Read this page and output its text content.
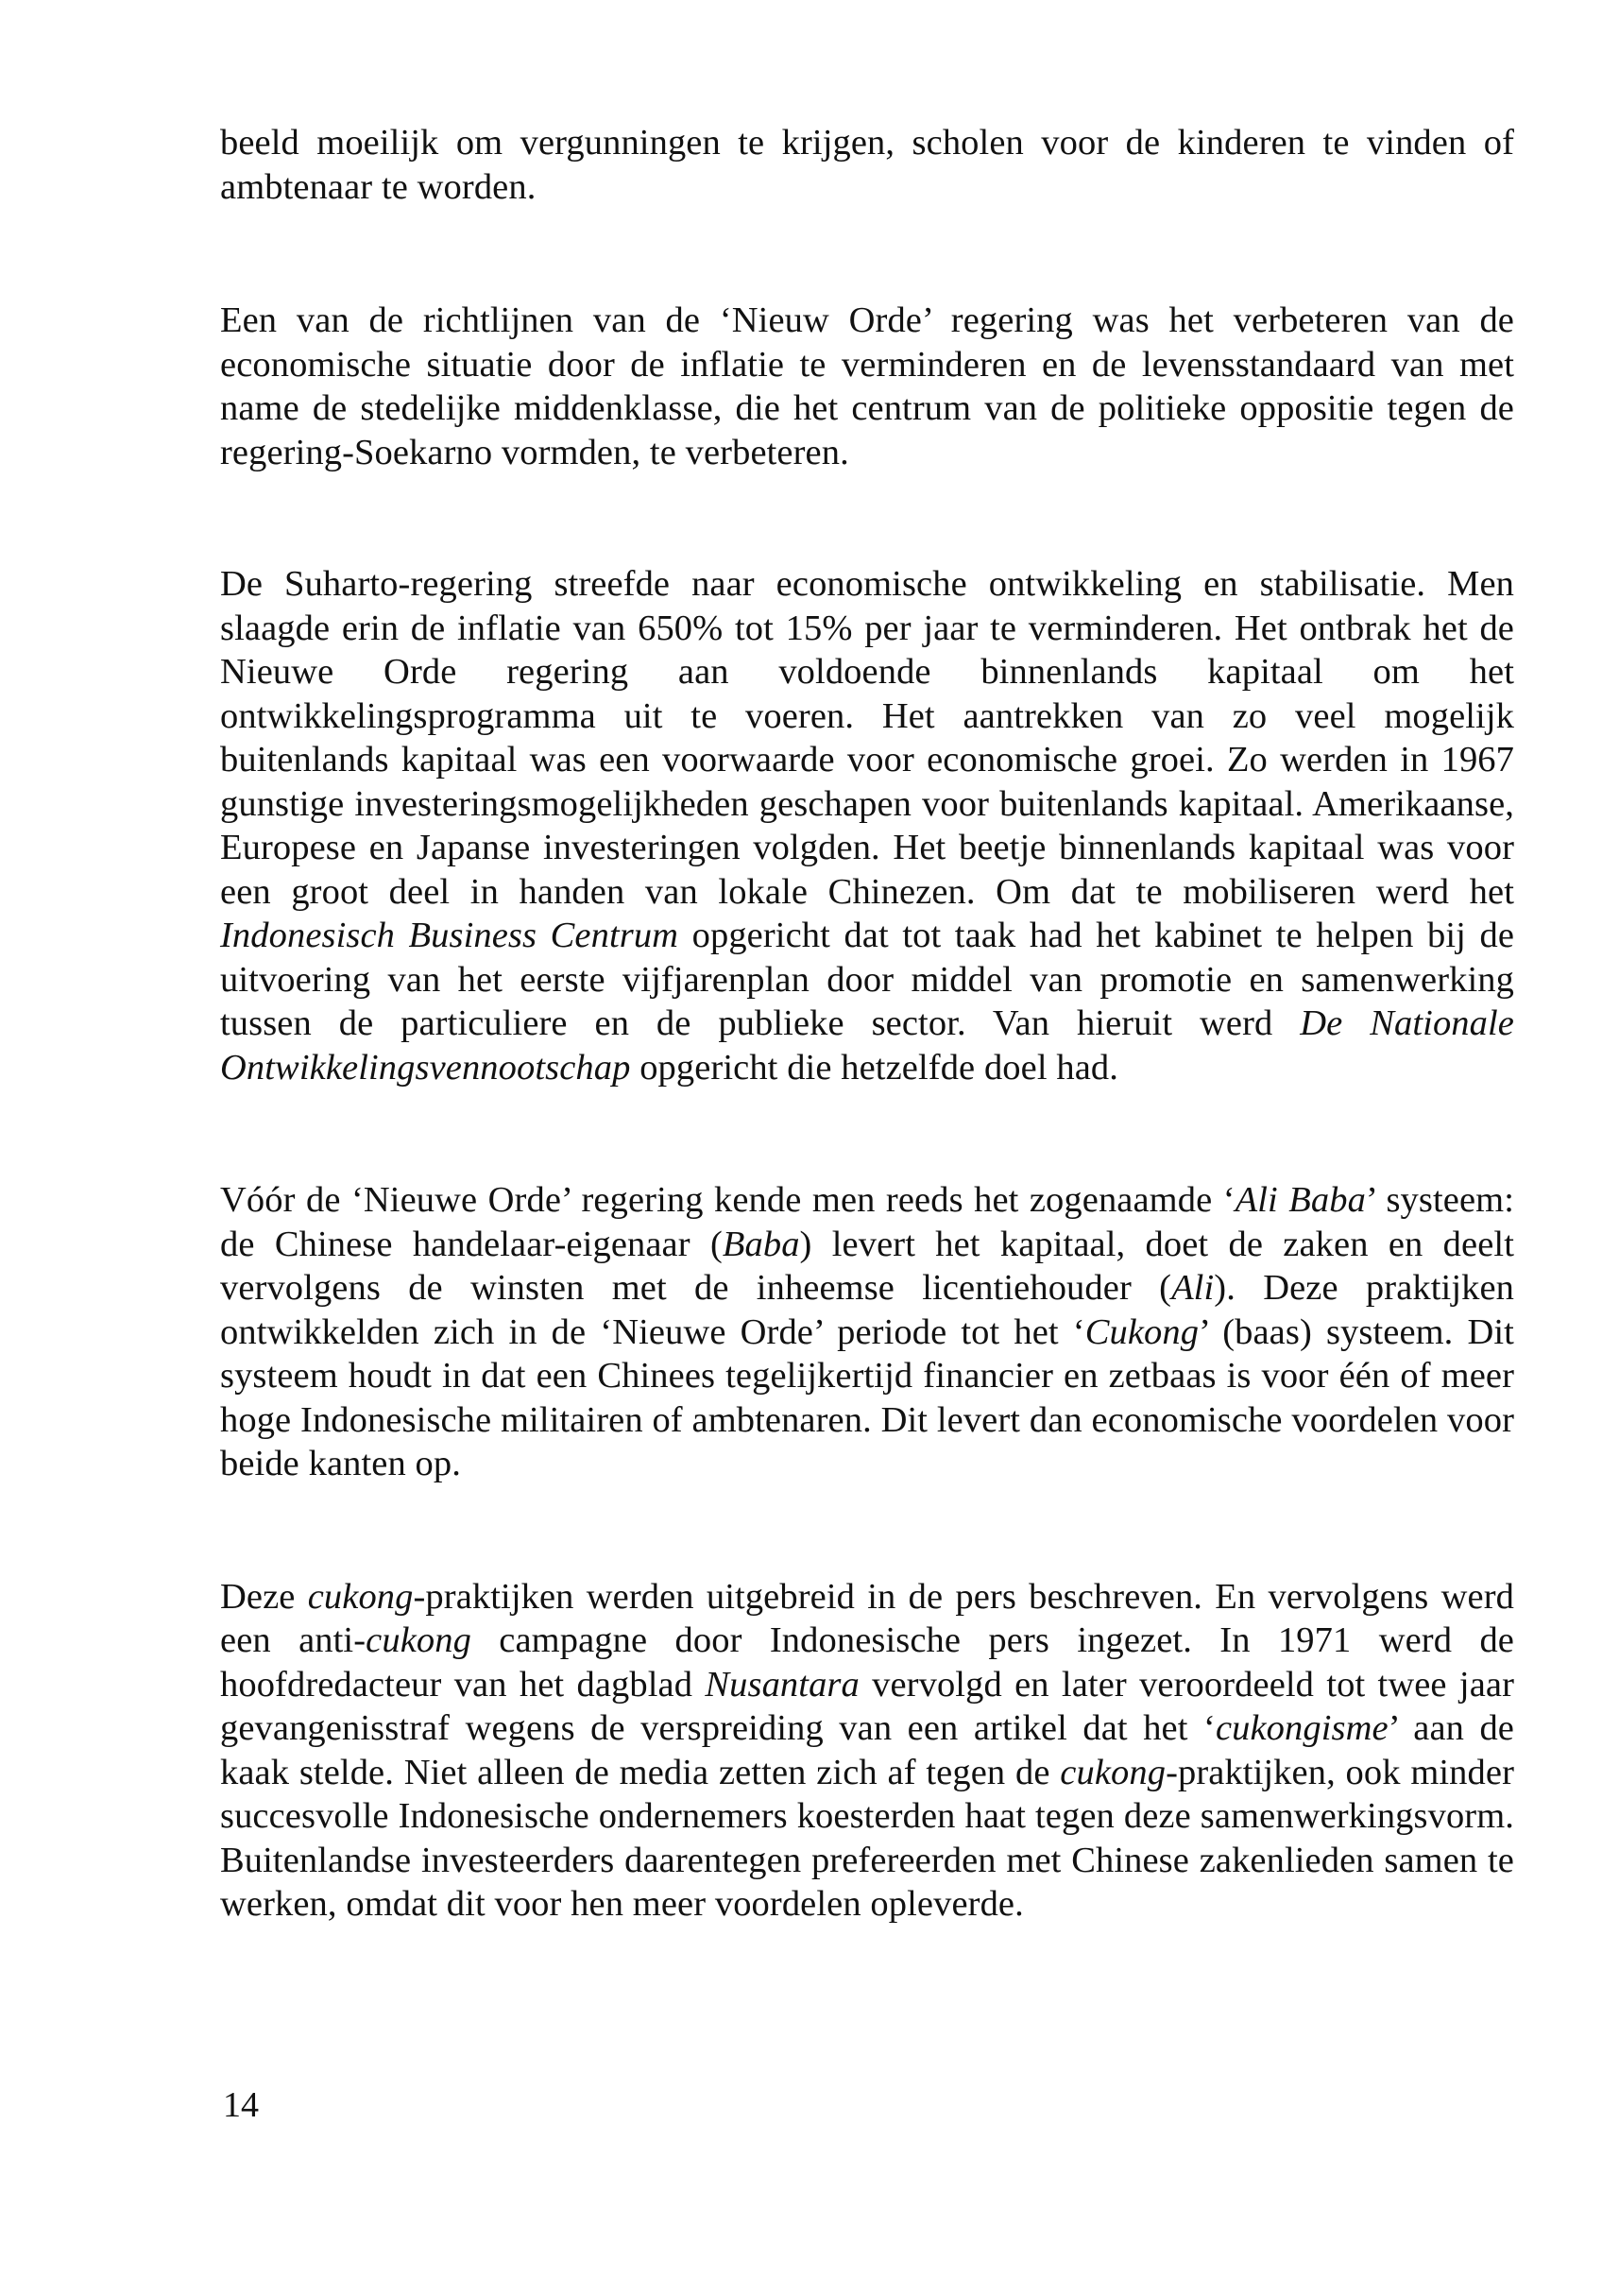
beeld moeilijk om vergunningen te krijgen, scholen voor de kinderen te vinden of ambtenaar te worden.

Een van de richtlijnen van de ‘Nieuw Orde’ regering was het verbeteren van de economische situatie door de inflatie te verminderen en de levensstandaard van met name de stedelijke middenklasse, die het centrum van de politieke oppositie tegen de regering-Soekarno vormden, te verbeteren.

De Suharto-regering streefde naar economische ontwikkeling en stabilisatie. Men slaagde erin de inflatie van 650% tot 15% per jaar te verminderen. Het ontbrak het de Nieuwe Orde regering aan voldoende binnenlands kapitaal om het ontwikkelingsprogramma uit te voeren. Het aantrekken van zo veel mogelijk buitenlands kapitaal was een voorwaarde voor economische groei. Zo werden in 1967 gunstige investeringsmogelijkheden geschapen voor buitenlands kapitaal. Amerikaanse, Europese en Japanse investeringen volgden. Het beetje binnenlands kapitaal was voor een groot deel in handen van lokale Chinezen. Om dat te mobiliseren werd het Indonesisch Business Centrum opgericht dat tot taak had het kabinet te helpen bij de uitvoering van het eerste vijfjarenplan door middel van promotie en samenwerking tussen de particuliere en de publieke sector. Van hieruit werd De Nationale Ontwikkelingsvennootschap opgericht die hetzelfde doel had.

Vóór de ‘Nieuwe Orde’ regering kende men reeds het zogenaamde ‘Ali Baba’ systeem: de Chinese handelaar-eigenaar (Baba) levert het kapitaal, doet de zaken en deelt vervolgens de winsten met de inheemse licentiehouder (Ali). Deze praktijken ontwikkelden zich in de ‘Nieuwe Orde’ periode tot het ‘Cukong’ (baas) systeem. Dit systeem houdt in dat een Chinees tegelijkertijd financier en zetbaas is voor één of meer hoge Indonesische militairen of ambtenaren. Dit levert dan economische voordelen voor beide kanten op.

Deze cukong-praktijken werden uitgebreid in de pers beschreven. En vervolgens werd een anti-cukong campagne door Indonesische pers ingezet. In 1971 werd de hoofdredacteur van het dagblad Nusantara vervolgd en later veroordeeld tot twee jaar gevangenisstraf wegens de verspreiding van een artikel dat het ‘cukongisme’ aan de kaak stelde. Niet alleen de media zetten zich af tegen de cukong-praktijken, ook minder succesvolle Indonesische ondernemers koesterden haat tegen deze samenwerkingsvorm. Buitenlandse investeerders daarentegen prefereerden met Chinese zakenlieden samen te werken, omdat dit voor hen meer voordelen opleverde.

14
